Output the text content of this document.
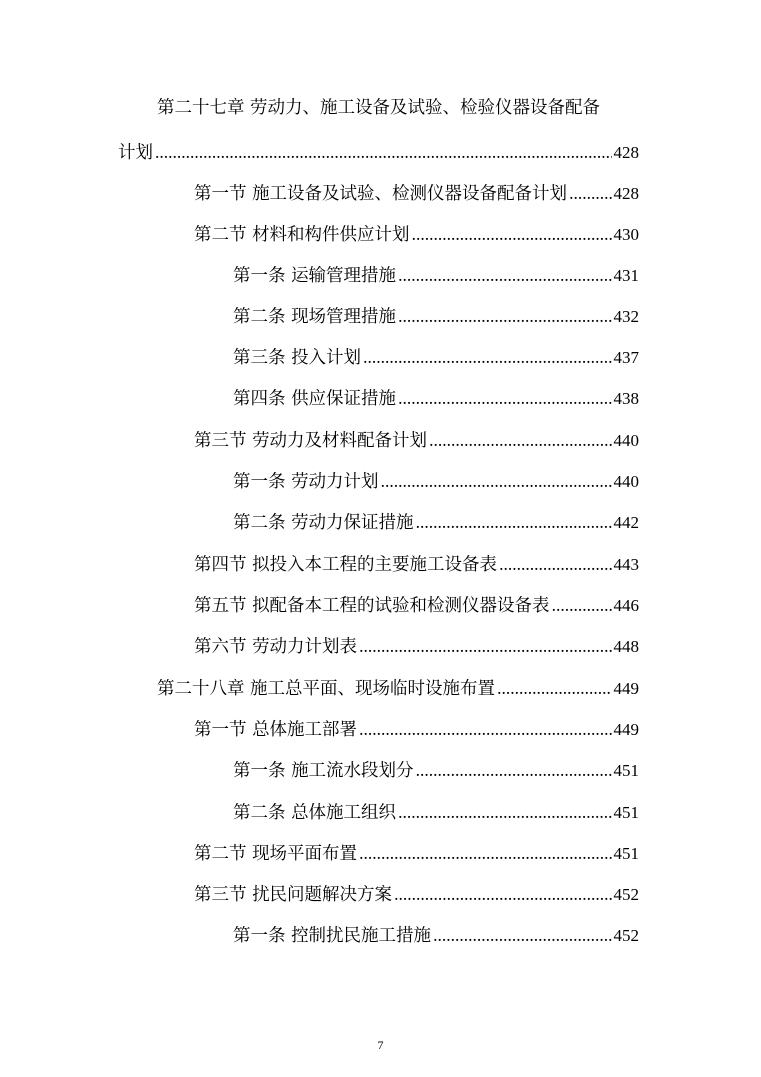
第二十七章 劳动力、施工设备及试验、检验仪器设备配备
计划 .....	428
第一节 施工设备及试验、检测仪器设备配备计划 .....	428
第二节 材料和构件供应计划 .....	430
第一条 运输管理措施 .....	431
第二条 现场管理措施 .....	432
第三条 投入计划 .....	437
第四条 供应保证措施 .....	438
第三节 劳动力及材料配备计划 .....	440
第一条 劳动力计划 .....	440
第二条 劳动力保证措施 .....	442
第四节 拟投入本工程的主要施工设备表 .....	443
第五节 拟配备本工程的试验和检测仪器设备表 .....	446
第六节 劳动力计划表 .....	448
第二十八章 施工总平面、现场临时设施布置 .....	449
第一节 总体施工部署 .....	449
第一条 施工流水段划分 .....	451
第二条 总体施工组织 .....	451
第二节 现场平面布置 .....	451
第三节 扰民问题解决方案 .....	452
第一条 控制扰民施工措施 .....	452
7
